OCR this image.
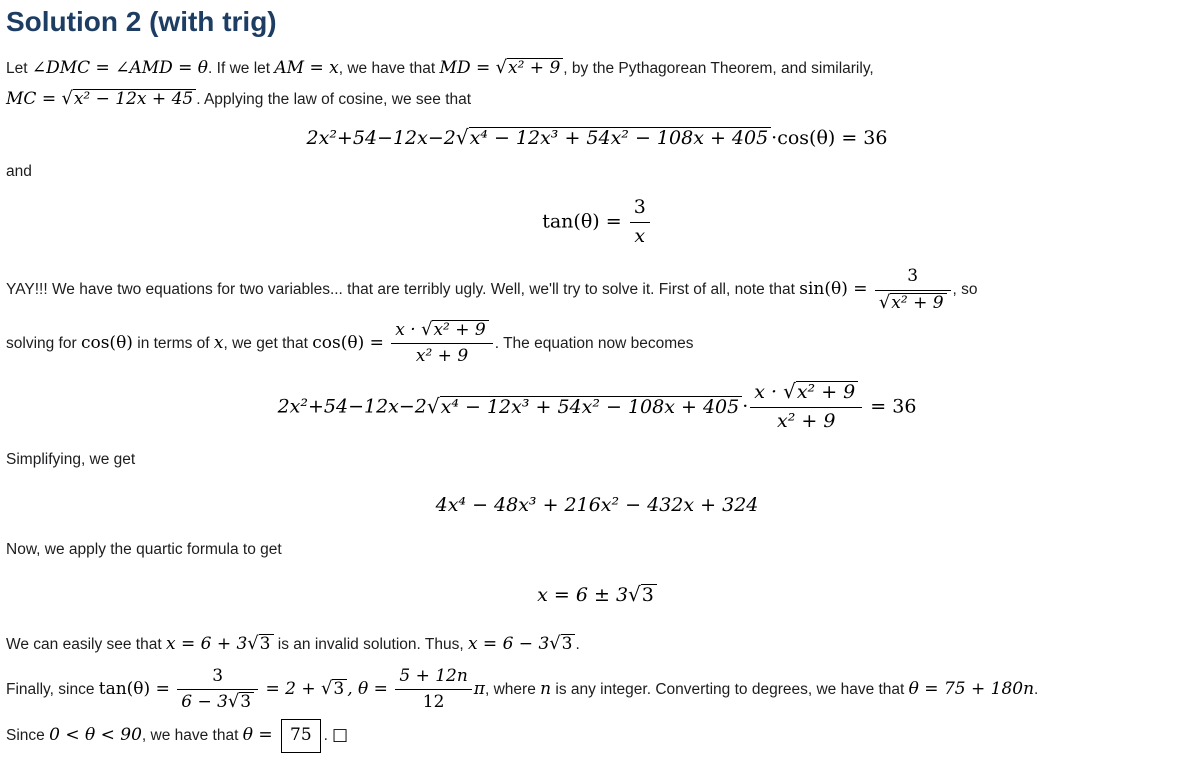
Solution 2 (with trig)

Let ∠DMC = ∠AMD = θ. If we let AM = x, we have that MD = √ x² + 9 , by the Pythagorean Theorem, and similarily,
MC = √ x² − 12x + 45 . Applying the law of cosine, we see that

2x²+54−12x−2 √ x⁴ − 12x³ + 54x² − 108x + 405 ·cos(θ) = 36

and

$\tan(\theta) = \frac{3}{x}$

YAY!!! We have two equations for two variables... that are terribly ugly. Well, we'll try to solve it. First of all, note that $\sin(\theta) = \frac{3}{\text{√ x² + 9}}$ , so

solving for cos(θ) in terms of x, we get that $\cos(\theta) = \frac{\text{x · √ x² + 9}}{\text{x² + 9}}$ . The equation now becomes

2x²+54−12x−2 √ $x^4 - 12x^3 + 54x^2 - 108x + 405 \cdot \frac{\text{x · √ x² + 9}}{\text{x² + 9}} = 36$

Simplifying, we get

4x⁴ − 48x³ + 216x² − 432x + 324

Now, we apply the quartic formula to get

x = 6 ± 3 √ 3

We can easily see that x = 6 + 3 √ 3 is an invalid solution. Thus, x = 6 − 3 √ 3 .

Finally, since $\tan(\theta) = \frac{3}{6 - 3 √ 3} = 2$ + √ 3 , $\theta = \frac{5 + 12n}{12} \pi$, where n is any integer. Converting to degrees, we have that θ = 75 + 180n.

Since 0 < θ < 90, we have that θ = 75 . □
